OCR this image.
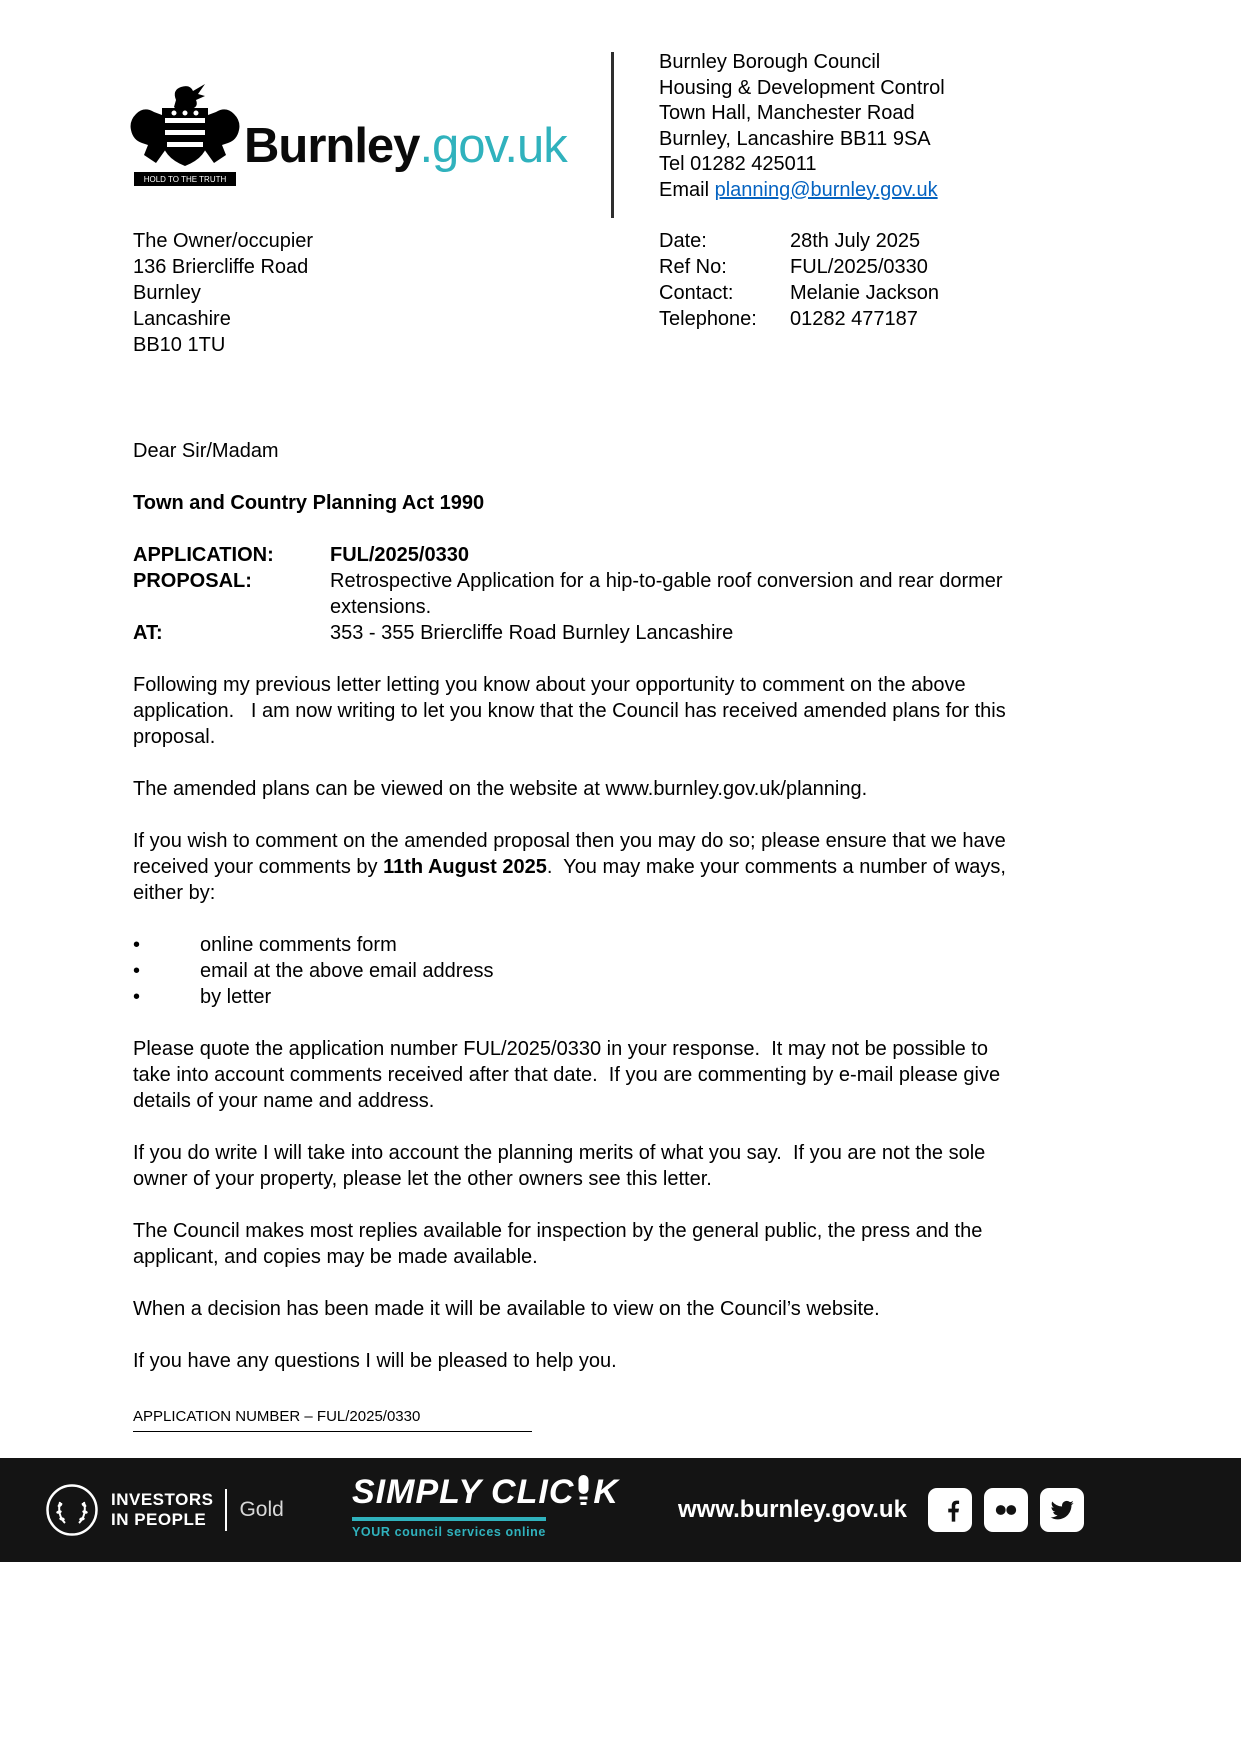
HOLD TO THE TRUTH
Burnley.gov.uk
Burnley Borough Council
Housing & Development Control
Town Hall, Manchester Road
Burnley, Lancashire BB11 9SA
Tel 01282 425011
Email planning@burnley.gov.uk
The Owner/occupier
136 Briercliffe Road
Burnley
Lancashire
BB10 1TU
Date:	28th July 2025
Ref No:	FUL/2025/0330
Contact:	Melanie Jackson
Telephone:	01282 477187
Dear Sir/Madam
Town and Country Planning Act 1990
APPLICATION:	FUL/2025/0330
PROPOSAL:	Retrospective Application for a hip-to-gable roof conversion and rear dormer extensions.
AT:	353 - 355 Briercliffe Road Burnley Lancashire
Following my previous letter letting you know about your opportunity to comment on the above application.   I am now writing to let you know that the Council has received amended plans for this proposal.
The amended plans can be viewed on the website at www.burnley.gov.uk/planning.
If you wish to comment on the amended proposal then you may do so; please ensure that we have received your comments by 11th August 2025.  You may make your comments a number of ways, either by:
•	online comments form
•	email at the above email address
•	by letter
Please quote the application number FUL/2025/0330 in your response.  It may not be possible to take into account comments received after that date.  If you are commenting by e-mail please give details of your name and address.
If you do write I will take into account the planning merits of what you say.  If you are not the sole owner of your property, please let the other owners see this letter.
The Council makes most replies available for inspection by the general public, the press and the applicant, and copies may be made available.
When a decision has been made it will be available to view on the Council’s website.
If you have any questions I will be pleased to help you.
APPLICATION NUMBER – FUL/2025/0330
INVESTORS
IN PEOPLE	Gold SIMPLY CLIC K
YOUR council services online
www.burnley.gov.uk
